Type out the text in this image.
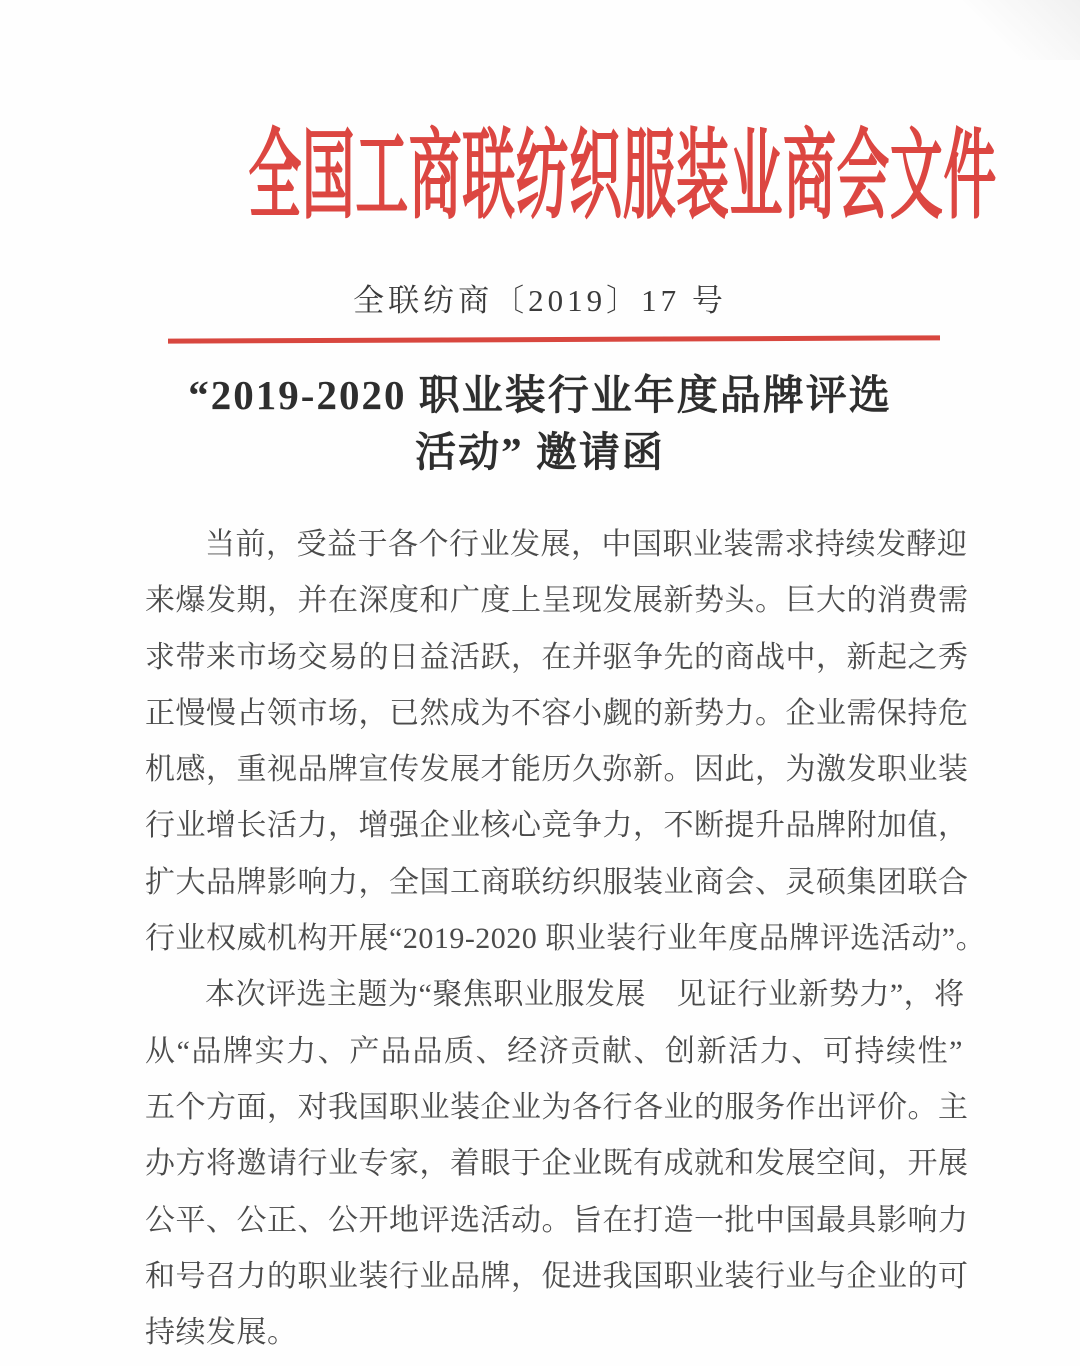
全国工商联纺织服装业商会文件
全联纺商〔2019〕17 号
“2019-2020 职业装行业年度品牌评选
活动” 邀请函
当前，受益于各个行业发展，中国职业装需求持续发酵迎
来爆发期，并在深度和广度上呈现发展新势头。巨大的消费需
求带来市场交易的日益活跃，在并驱争先的商战中，新起之秀
正慢慢占领市场，已然成为不容小觑的新势力。企业需保持危
机感，重视品牌宣传发展才能历久弥新。因此，为激发职业装
行业增长活力，增强企业核心竞争力，不断提升品牌附加值，
扩大品牌影响力，全国工商联纺织服装业商会、灵硕集团联合
行业权威机构开展“2019-2020 职业装行业年度品牌评选活动”。
本次评选主题为“聚焦职业服发展　见证行业新势力”，将
从“品牌实力、产品品质、经济贡献、创新活力、可持续性”
五个方面，对我国职业装企业为各行各业的服务作出评价。主
办方将邀请行业专家，着眼于企业既有成就和发展空间，开展
公平、公正、公开地评选活动。旨在打造一批中国最具影响力
和号召力的职业装行业品牌，促进我国职业装行业与企业的可
持续发展。
